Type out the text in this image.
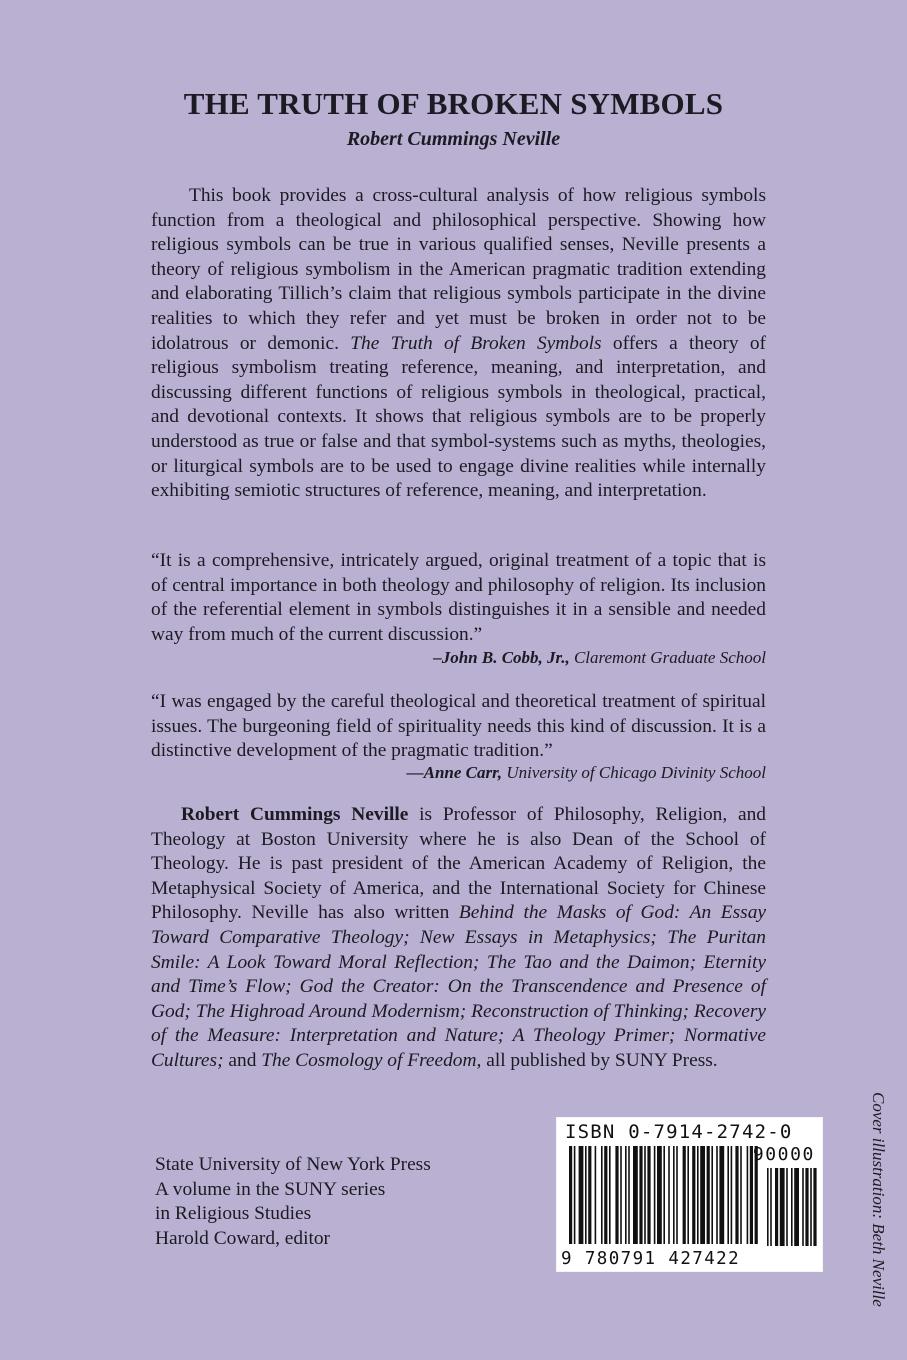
THE TRUTH OF BROKEN SYMBOLS
Robert Cummings Neville

This book provides a cross-cultural analysis of how religious symbols function from a theological and philosophical perspective. Showing how religious symbols can be true in various qualified senses, Neville presents a theory of religious symbolism in the American pragmatic tradition extending and elaborating Tillich’s claim that religious symbols participate in the divine realities to which they refer and yet must be broken in order not to be idolatrous or demonic. The Truth of Broken Symbols offers a theory of religious symbolism treating reference, meaning, and interpretation, and discussing different functions of religious symbols in theological, practical, and devotional contexts. It shows that religious symbols are to be properly understood as true or false and that symbol-systems such as myths, theologies, or liturgical symbols are to be used to engage divine realities while internally exhibiting semiotic structures of reference, meaning, and interpretation.

“It is a comprehensive, intricately argued, original treatment of a topic that is of central importance in both theology and philosophy of religion. Its inclusion of the referential element in symbols distinguishes it in a sensible and needed way from much of the current discussion.”

–John B. Cobb, Jr., Claremont Graduate School

“I was engaged by the careful theological and theoretical treatment of spiritual issues. The burgeoning field of spirituality needs this kind of discussion. It is a distinctive development of the pragmatic tradition.”

—Anne Carr, University of Chicago Divinity School

Robert Cummings Neville is Professor of Philosophy, Religion, and Theology at Boston University where he is also Dean of the School of Theology. He is past president of the American Academy of Religion, the Metaphysical Society of America, and the International Society for Chinese Philosophy. Neville has also written Behind the Masks of God: An Essay Toward Comparative Theology; New Essays in Metaphysics; The Puritan Smile: A Look Toward Moral Reflection; The Tao and the Daimon; Eternity and Time’s Flow; God the Creator: On the Transcendence and Presence of God; The Highroad Around Modernism; Reconstruction of Thinking; Recovery of the Measure: Interpretation and Nature; A Theology Primer; Normative Cultures; and The Cosmology of Freedom, all published by SUNY Press.

State University of New York Press
A volume in the SUNY series
in Religious Studies
Harold Coward, editor
ISBN 0-7914-2742-0
90000
9 780791 427422	Cover illustration: Beth Neville
